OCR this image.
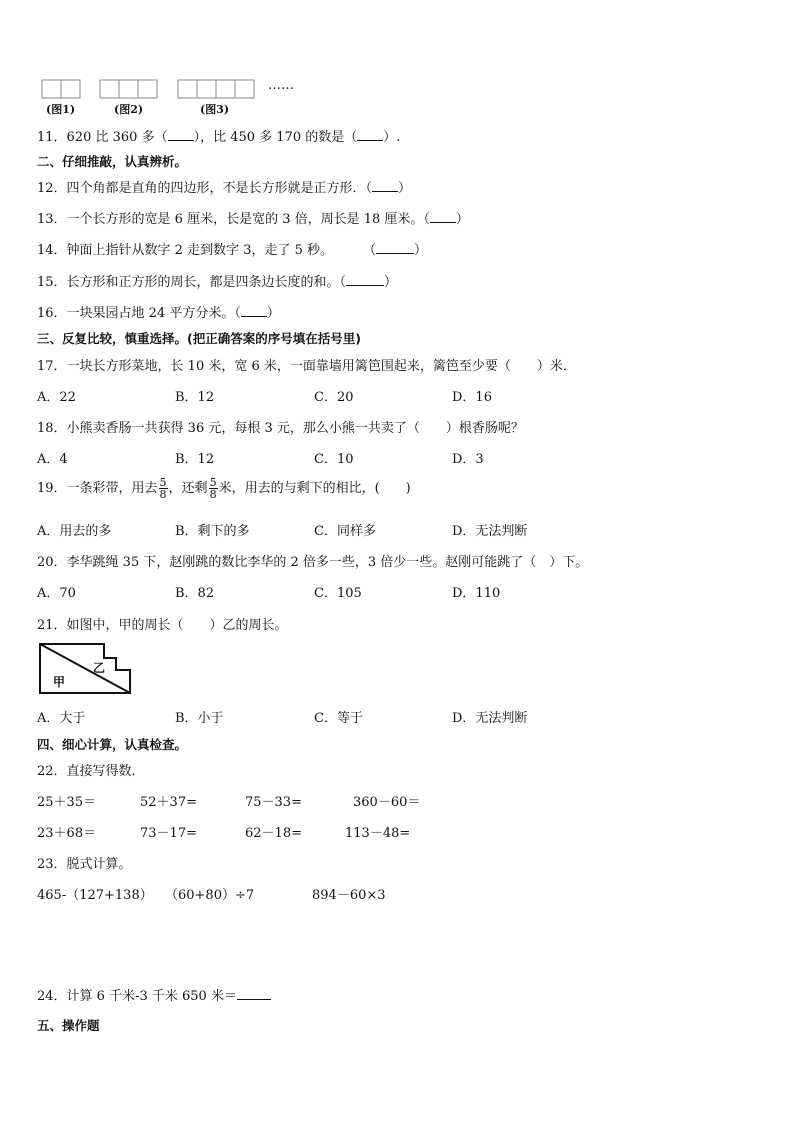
(图1)	(图2)	(图3)
……
11．620 比 360 多（ ），比 450 多 170 的数是（ ）.
二、仔细推敲，认真辨析。
12．四个角都是直角的四边形，不是长方形就是正方形．（ ）
13．一个长方形的宽是 6 厘米，长是宽的 3 倍，周长是 18 厘米。（ ）
14．钟面上指针从数字 2 走到数字 3，走了 5 秒。 （	）
15．长方形和正方形的周长，都是四条边长度的和。（	）
16．一块果园占地 24 平方分米。（ ）
三、反复比较，慎重选择。(把正确答案的序号填在括号里)
17．一块长方形菜地，长 10 米，宽 6 米，一面靠墙用篱笆围起来，篱笆至少要（　　）米．
A．22	B．12	C．20	D．16
18．小熊卖香肠一共获得 36 元，每根 3 元，那么小熊一共卖了（　　）根香肠呢？
A．4	B．12	C．10	D．3
19．一条彩带，用去 $\frac{5}{8}$ ，还剩 $\frac{5}{8}$ 米，用去的与剩下的相比，(　　)
A．用去的多	B．剩下的多	C．同样多	D．无法判断
20．李华跳绳 35 下，赵刚跳的数比李华的 2 倍多一些，3 倍少一些。赵刚可能跳了（　）下。
A．70	B．82	C．105	D．110
21．如图中，甲的周长（　　）乙的周长。
甲
乙
A．大于	B．小于	C．等于	D．无法判断
四、细心计算，认真检查。
22．直接写得数．
25＋35＝	52＋37=	75－33=	360－60＝
23＋68＝	73－17=	62－18=	113－48=
23．脱式计算。
465-（127+138） （60+80）÷7	894－60×3
24．计算 6 千米-3 千米 650 米＝
五、操作题
